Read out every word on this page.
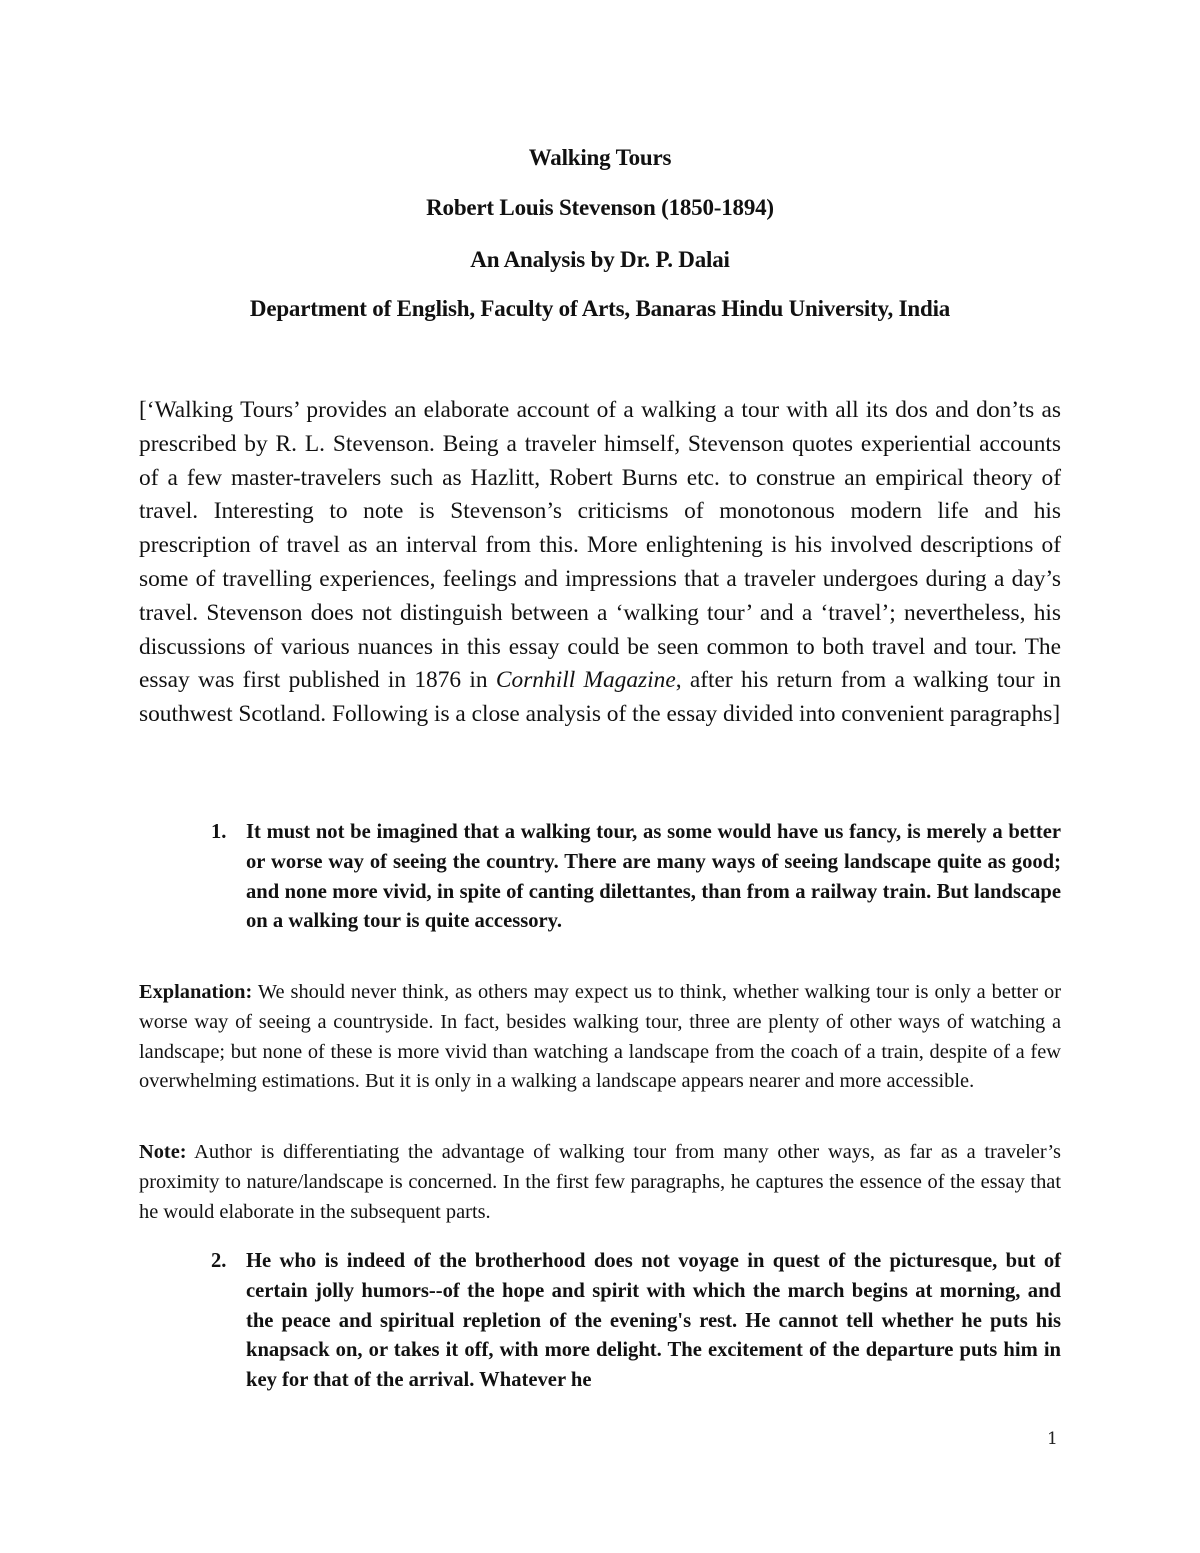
Walking Tours
Robert Louis Stevenson (1850-1894)
An Analysis by Dr. P. Dalai
Department of English, Faculty of Arts, Banaras Hindu University, India

[‘Walking Tours’ provides an elaborate account of a walking a tour with all its dos and don’ts as prescribed by R. L. Stevenson. Being a traveler himself, Stevenson quotes experiential accounts of a few master-travelers such as Hazlitt, Robert Burns etc. to construe an empirical theory of travel. Interesting to note is Stevenson’s criticisms of monotonous modern life and his prescription of travel as an interval from this. More enlightening is his involved descriptions of some of travelling experiences, feelings and impressions that a traveler undergoes during a day’s travel. Stevenson does not distinguish between a ‘walking tour’ and a ‘travel’; nevertheless, his discussions of various nuances in this essay could be seen common to both travel and tour. The essay was first published in 1876 in Cornhill Magazine, after his return from a walking tour in southwest Scotland. Following is a close analysis of the essay divided into convenient paragraphs]

1. It must not be imagined that a walking tour, as some would have us fancy, is merely a better or worse way of seeing the country. There are many ways of seeing landscape quite as good; and none more vivid, in spite of canting dilettantes, than from a railway train. But landscape on a walking tour is quite accessory.

Explanation: We should never think, as others may expect us to think, whether walking tour is only a better or worse way of seeing a countryside. In fact, besides walking tour, three are plenty of other ways of watching a landscape; but none of these is more vivid than watching a landscape from the coach of a train, despite of a few overwhelming estimations. But it is only in a walking a landscape appears nearer and more accessible.

Note: Author is differentiating the advantage of walking tour from many other ways, as far as a traveler’s proximity to nature/landscape is concerned. In the first few paragraphs, he captures the essence of the essay that he would elaborate in the subsequent parts.

2. He who is indeed of the brotherhood does not voyage in quest of the picturesque, but of certain jolly humors--of the hope and spirit with which the march begins at morning, and the peace and spiritual repletion of the evening's rest. He cannot tell whether he puts his knapsack on, or takes it off, with more delight. The excitement of the departure puts him in key for that of the arrival. Whatever he
1
